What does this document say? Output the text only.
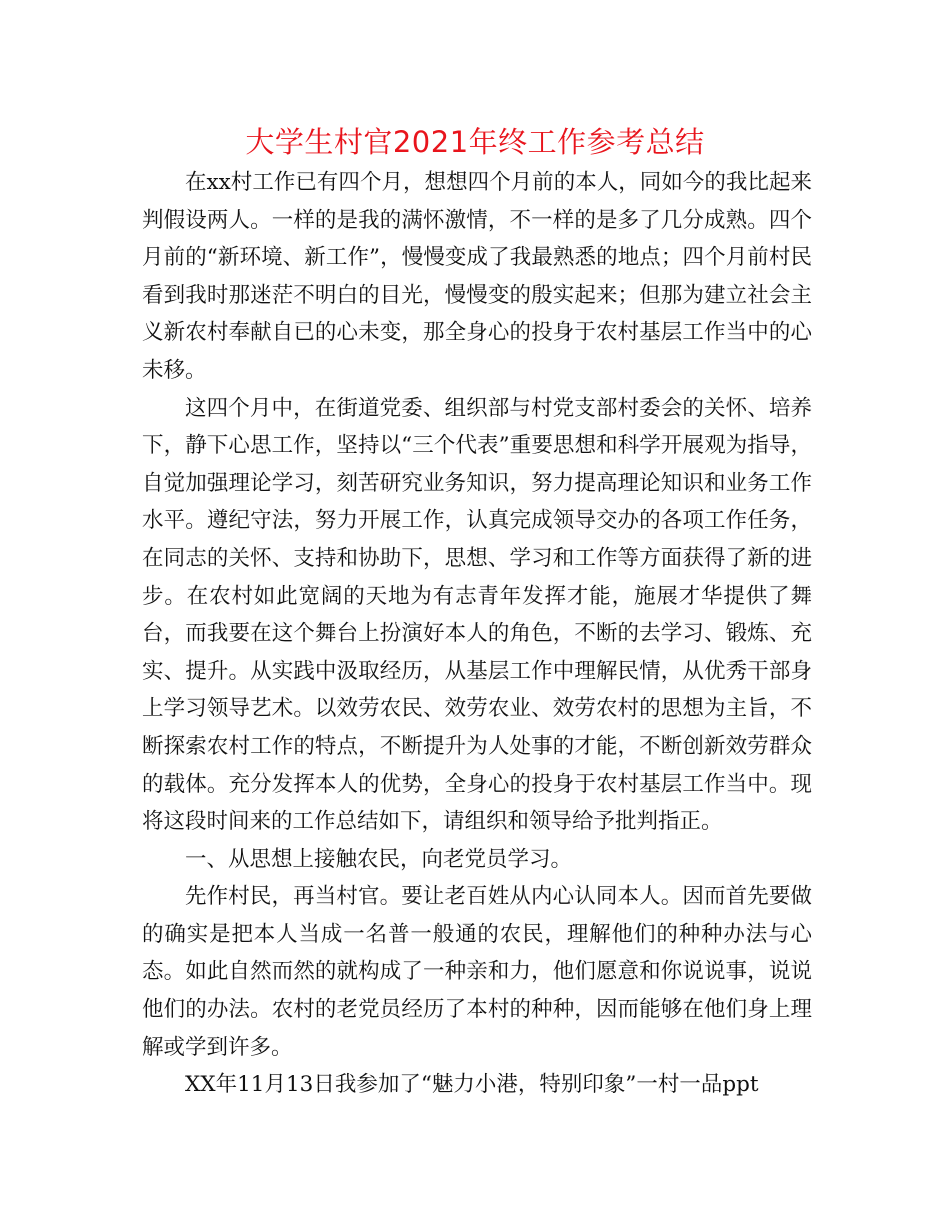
大学生村官2021年终工作参考总结

在xx村工作已有四个月，想想四个月前的本人，同如今的我比起来判假设两人。一样的是我的满怀激情，不一样的是多了几分成熟。四个月前的“新环境、新工作”，慢慢变成了我最熟悉的地点；四个月前村民看到我时那迷茫不明白的目光，慢慢变的殷实起来；但那为建立社会主义新农村奉献自已的心未变，那全身心的投身于农村基层工作当中的心未移。

这四个月中，在街道党委、组织部与村党支部村委会的关怀、培养下，静下心思工作，坚持以“三个代表”重要思想和科学开展观为指导，自觉加强理论学习，刻苦研究业务知识，努力提高理论知识和业务工作水平。遵纪守法，努力开展工作，认真完成领导交办的各项工作任务，在同志的关怀、支持和协助下，思想、学习和工作等方面获得了新的进步。在农村如此宽阔的天地为有志青年发挥才能，施展才华提供了舞台，而我要在这个舞台上扮演好本人的角色，不断的去学习、锻炼、充实、提升。从实践中汲取经历，从基层工作中理解民情，从优秀干部身上学习领导艺术。以效劳农民、效劳农业、效劳农村的思想为主旨，不断探索农村工作的特点，不断提升为人处事的才能，不断创新效劳群众的载体。充分发挥本人的优势，全身心的投身于农村基层工作当中。现将这段时间来的工作总结如下，请组织和领导给予批判指正。

一、从思想上接触农民，向老党员学习。

先作村民，再当村官。要让老百姓从内心认同本人。因而首先要做的确实是把本人当成一名普一般通的农民，理解他们的种种办法与心态。如此自然而然的就构成了一种亲和力，他们愿意和你说说事，说说他们的办法。农村的老党员经历了本村的种种，因而能够在他们身上理解或学到许多。

XX年11月13日我参加了“魅力小港，特别印象”一村一品ppt
